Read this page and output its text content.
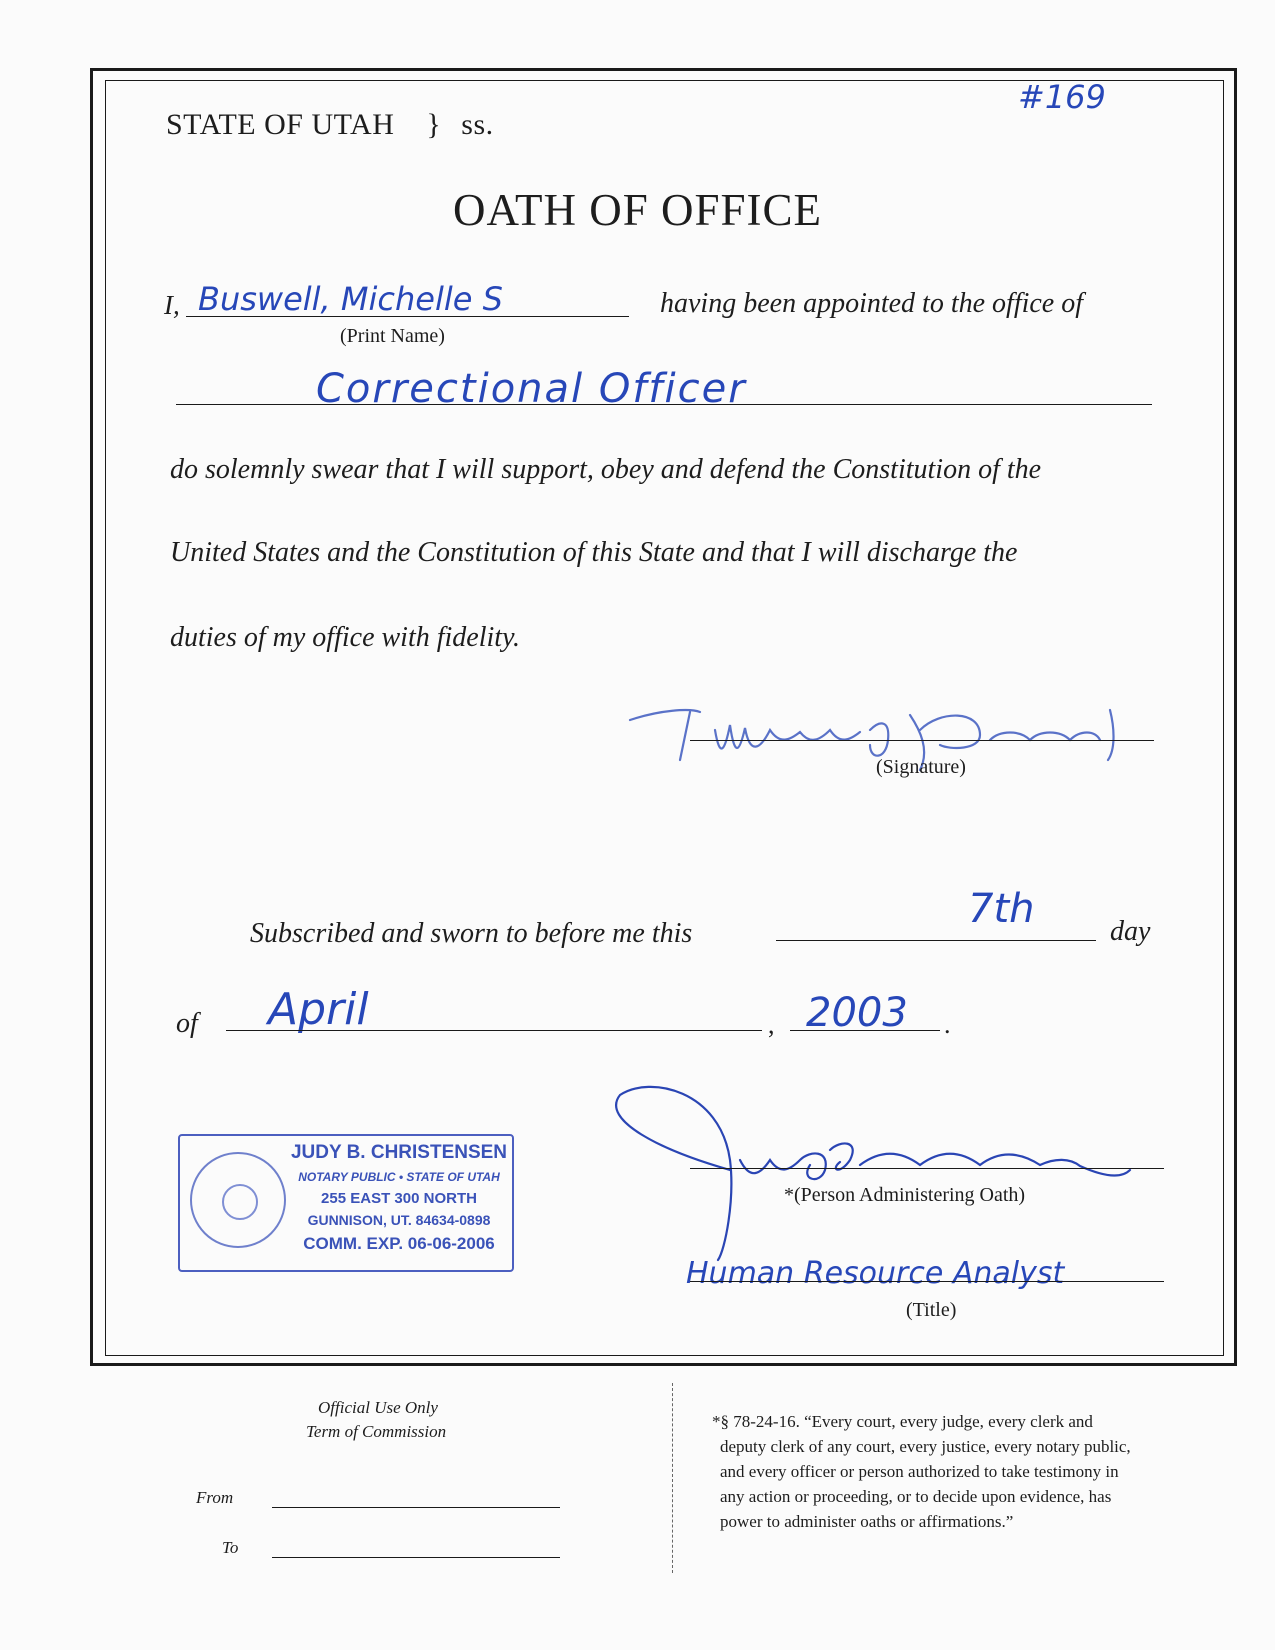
#169
STATE OF UTAH } ss.
OATH OF OFFICE
I, Buswell, Michelle S
(Print Name)
having been appointed to the office of
Correctional Officer
do solemnly swear that I will support, obey and defend the Constitution of the
United States and the Constitution of this State and that I will discharge the
duties of my office with fidelity.
(Signature)
Subscribed and sworn to before me this
7th	day
of April	, 2003 .
JUDY B. CHRISTENSEN
NOTARY PUBLIC • STATE OF UTAH
255 EAST 300 NORTH
GUNNISON, UT. 84634-0898
COMM. EXP. 06-06-2006
*(Person Administering Oath)
Human Resource Analyst
(Title)
Official Use Only
Term of Commission
From
To
*§ 78-24-16. “Every court, every judge, every clerk and
deputy clerk of any court, every justice, every notary public,
and every officer or person authorized to take testimony in
any action or proceeding, or to decide upon evidence, has
power to administer oaths or affirmations.”
